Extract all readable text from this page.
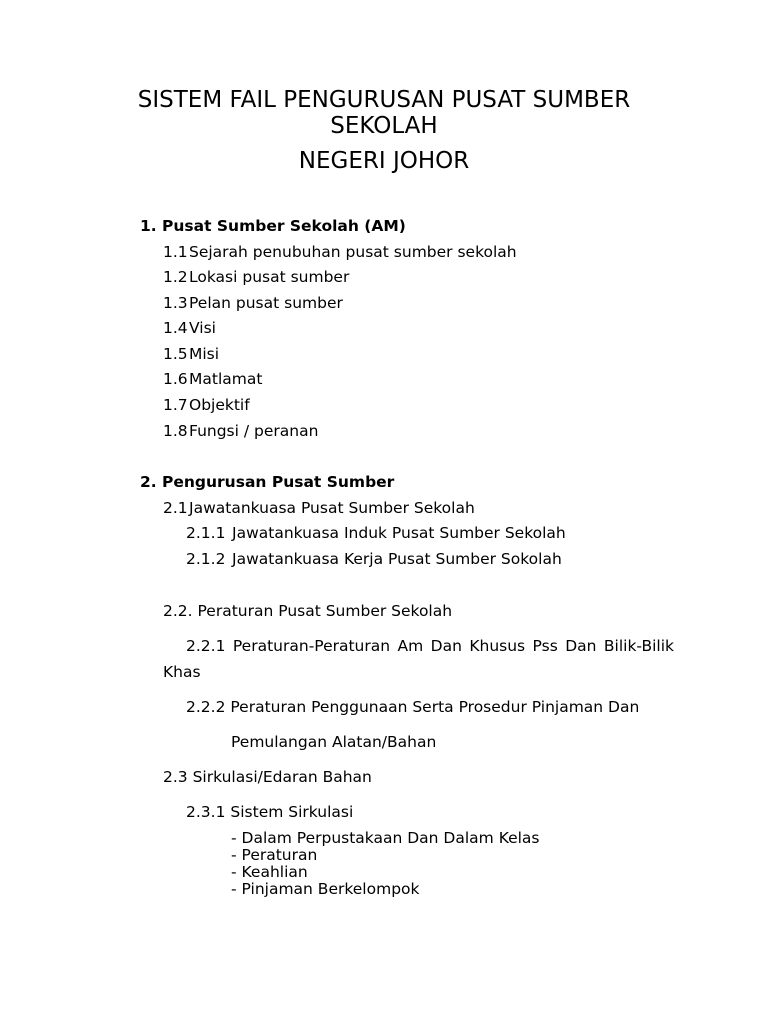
SISTEM FAIL PENGURUSAN PUSAT SUMBER
SEKOLAH
NEGERI JOHOR
1. Pusat Sumber Sekolah (AM)
1.1Sejarah penubuhan pusat sumber sekolah
1.2Lokasi pusat sumber
1.3Pelan pusat sumber
1.4Visi
1.5Misi
1.6Matlamat
1.7Objektif
1.8Fungsi / peranan
2. Pengurusan Pusat Sumber
2.1Jawatankuasa Pusat Sumber Sekolah
2.1.1 Jawatankuasa Induk Pusat Sumber Sekolah
2.1.2 Jawatankuasa Kerja Pusat Sumber Sokolah
2.2. Peraturan Pusat Sumber Sekolah
2.2.1 Peraturan-Peraturan Am Dan Khusus Pss Dan Bilik-Bilik
Khas
2.2.2 Peraturan Penggunaan Serta Prosedur Pinjaman Dan
Pemulangan Alatan/Bahan
2.3 Sirkulasi/Edaran Bahan
2.3.1 Sistem Sirkulasi
- Dalam Perpustakaan Dan Dalam Kelas
- Peraturan
- Keahlian
- Pinjaman Berkelompok
